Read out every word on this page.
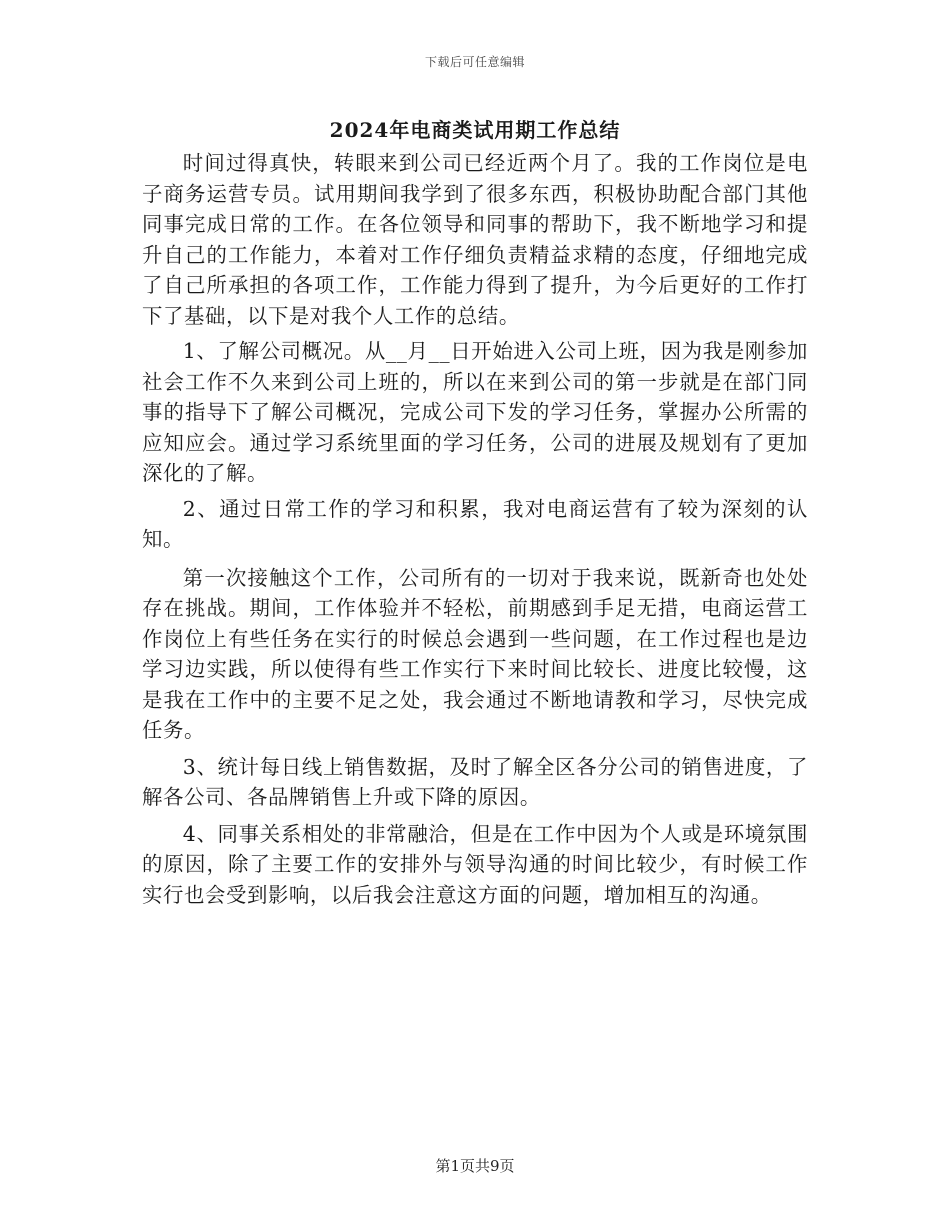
下载后可任意编辑
2024年电商类试用期工作总结

时间过得真快，转眼来到公司已经近两个月了。我的工作岗位是电子商务运营专员。试用期间我学到了很多东西，积极协助配合部门其他同事完成日常的工作。在各位领导和同事的帮助下，我不断地学习和提升自己的工作能力，本着对工作仔细负责精益求精的态度，仔细地完成了自己所承担的各项工作，工作能力得到了提升，为今后更好的工作打下了基础，以下是对我个人工作的总结。

1、了解公司概况。从__月__日开始进入公司上班，因为我是刚参加社会工作不久来到公司上班的，所以在来到公司的第一步就是在部门同事的指导下了解公司概况，完成公司下发的学习任务，掌握办公所需的应知应会。通过学习系统里面的学习任务，公司的进展及规划有了更加深化的了解。

2、通过日常工作的学习和积累，我对电商运营有了较为深刻的认知。

第一次接触这个工作，公司所有的一切对于我来说，既新奇也处处存在挑战。期间，工作体验并不轻松，前期感到手足无措，电商运营工作岗位上有些任务在实行的时候总会遇到一些问题，在工作过程也是边学习边实践，所以使得有些工作实行下来时间比较长、进度比较慢，这是我在工作中的主要不足之处，我会通过不断地请教和学习，尽快完成任务。

3、统计每日线上销售数据，及时了解全区各分公司的销售进度，了解各公司、各品牌销售上升或下降的原因。

4、同事关系相处的非常融洽，但是在工作中因为个人或是环境氛围的原因，除了主要工作的安排外与领导沟通的时间比较少，有时候工作实行也会受到影响，以后我会注意这方面的问题，增加相互的沟通。

第1页共9页
